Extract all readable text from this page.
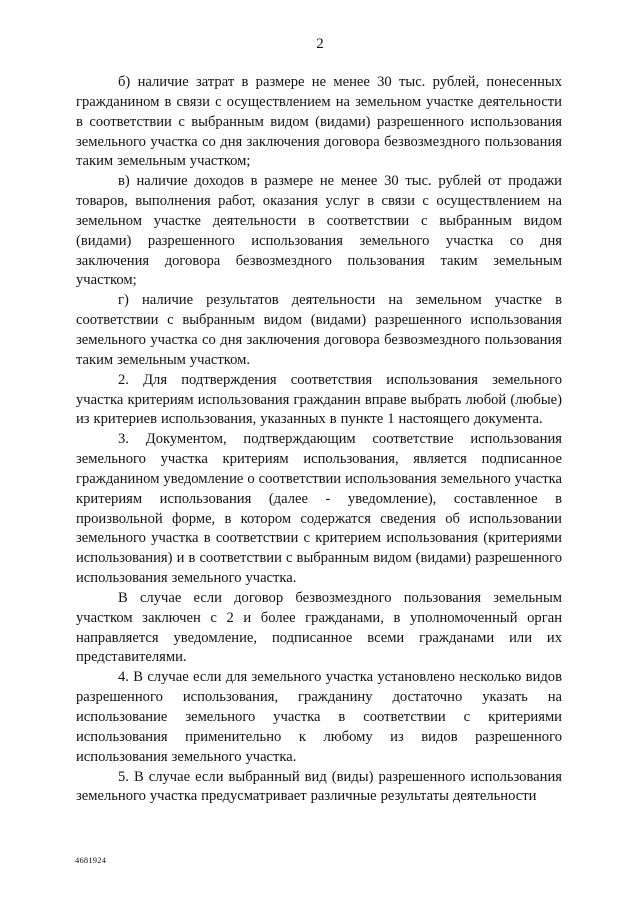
2

б) наличие затрат в размере не менее 30 тыс. рублей, понесенных гражданином в связи с осуществлением на земельном участке деятельности в соответствии с выбранным видом (видами) разрешенного использования земельного участка со дня заключения договора безвозмездного пользования таким земельным участком;

в) наличие доходов в размере не менее 30 тыс. рублей от продажи товаров, выполнения работ, оказания услуг в связи с осуществлением на земельном участке деятельности в соответствии с выбранным видом (видами) разрешенного использования земельного участка со дня заключения договора безвозмездного пользования таким земельным участком;

г) наличие результатов деятельности на земельном участке в соответствии с выбранным видом (видами) разрешенного использования земельного участка со дня заключения договора безвозмездного пользования таким земельным участком.

2. Для подтверждения соответствия использования земельного участка критериям использования гражданин вправе выбрать любой (любые) из критериев использования, указанных в пункте 1 настоящего документа.

3. Документом, подтверждающим соответствие использования земельного участка критериям использования, является подписанное гражданином уведомление о соответствии использования земельного участка критериям использования (далее - уведомление), составленное в произвольной форме, в котором содержатся сведения об использовании земельного участка в соответствии с критерием использования (критериями использования) и в соответствии с выбранным видом (видами) разрешенного использования земельного участка.

В случае если договор безвозмездного пользования земельным участком заключен с 2 и более гражданами, в уполномоченный орган направляется уведомление, подписанное всеми гражданами или их представителями.

4. В случае если для земельного участка установлено несколько видов разрешенного использования, гражданину достаточно указать на использование земельного участка в соответствии с критериями использования применительно к любому из видов разрешенного использования земельного участка.

5. В случае если выбранный вид (виды) разрешенного использования земельного участка предусматривает различные результаты деятельности

4681924
